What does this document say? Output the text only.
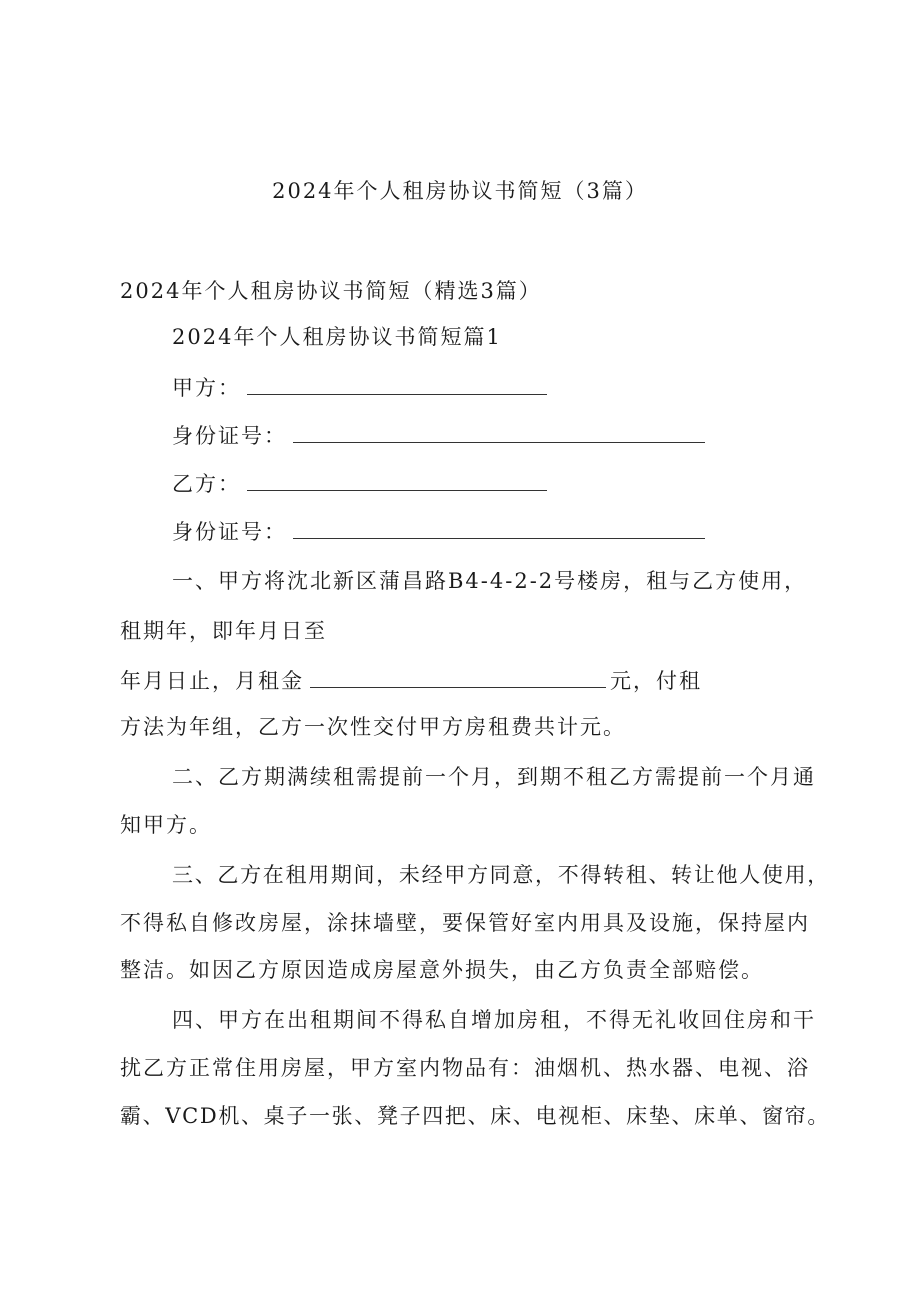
2024年个人租房协议书简短（3篇）
2024年个人租房协议书简短（精选3篇）
2024年个人租房协议书简短篇1
甲方：
身份证号：
乙方：
身份证号：
一、甲方将沈北新区蒲昌路B4-4-2-2号楼房，租与乙方使用，
租期年，即年月日至
年月日止，月租金	元，付租
方法为年组，乙方一次性交付甲方房租费共计元。
二、乙方期满续租需提前一个月，到期不租乙方需提前一个月通
知甲方。
三、乙方在租用期间，未经甲方同意，不得转租、转让他人使用，
不得私自修改房屋，涂抹墙壁，要保管好室内用具及设施，保持屋内
整洁。如因乙方原因造成房屋意外损失，由乙方负责全部赔偿。
四、甲方在出租期间不得私自增加房租，不得无礼收回住房和干
扰乙方正常住用房屋，甲方室内物品有：油烟机、热水器、电视、浴
霸、VCD机、桌子一张、凳子四把、床、电视柜、床垫、床单、窗帘。
